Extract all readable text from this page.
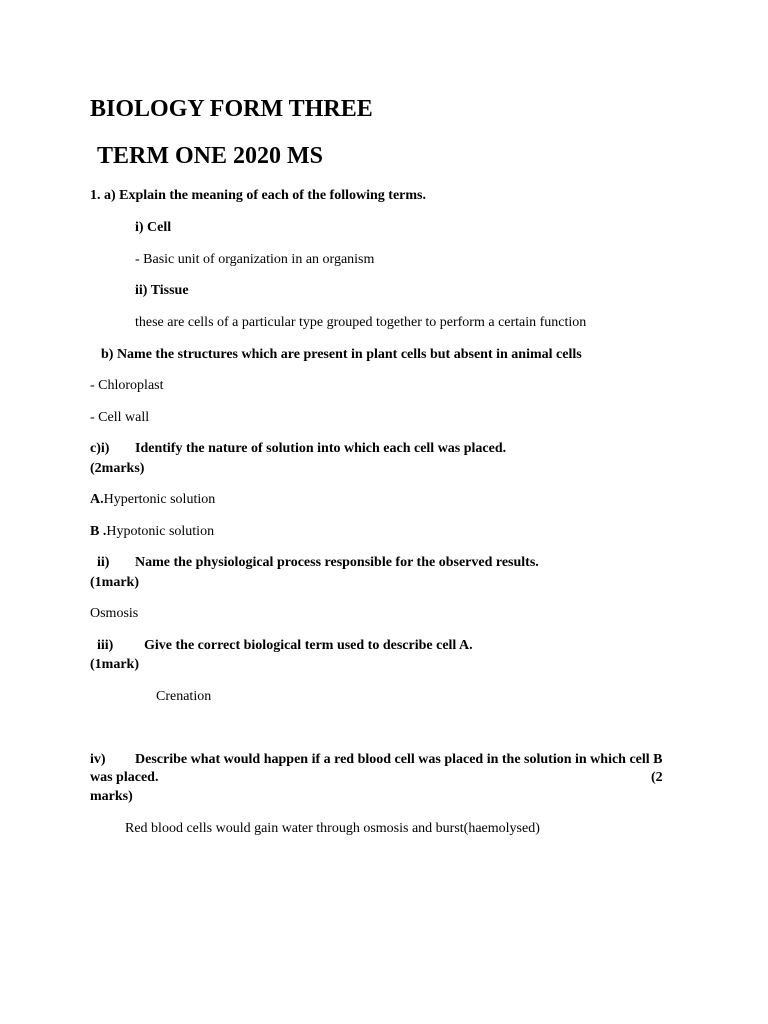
BIOLOGY FORM THREE
TERM ONE 2020 MS
1. a) Explain the meaning of each of the following terms.
i) Cell
- Basic unit of organization in an organism
ii) Tissue
these are cells of a particular type grouped together to perform a certain function
b) Name the structures which are present in plant cells but absent in animal cells
- Chloroplast
- Cell wall
c)i) Identify the nature of solution into which each cell was placed.
(2marks)
A.Hypertonic solution
B .Hypotonic solution
ii) Name the physiological process responsible for the observed results.
(1mark)
Osmosis
iii) Give the correct biological term used to describe cell A.
(1mark)
Crenation
iv) Describe what would happen if a red blood cell was placed in the solution in which cell B
was placed.	(2
marks)
Red blood cells would gain water through osmosis and burst(haemolysed)
